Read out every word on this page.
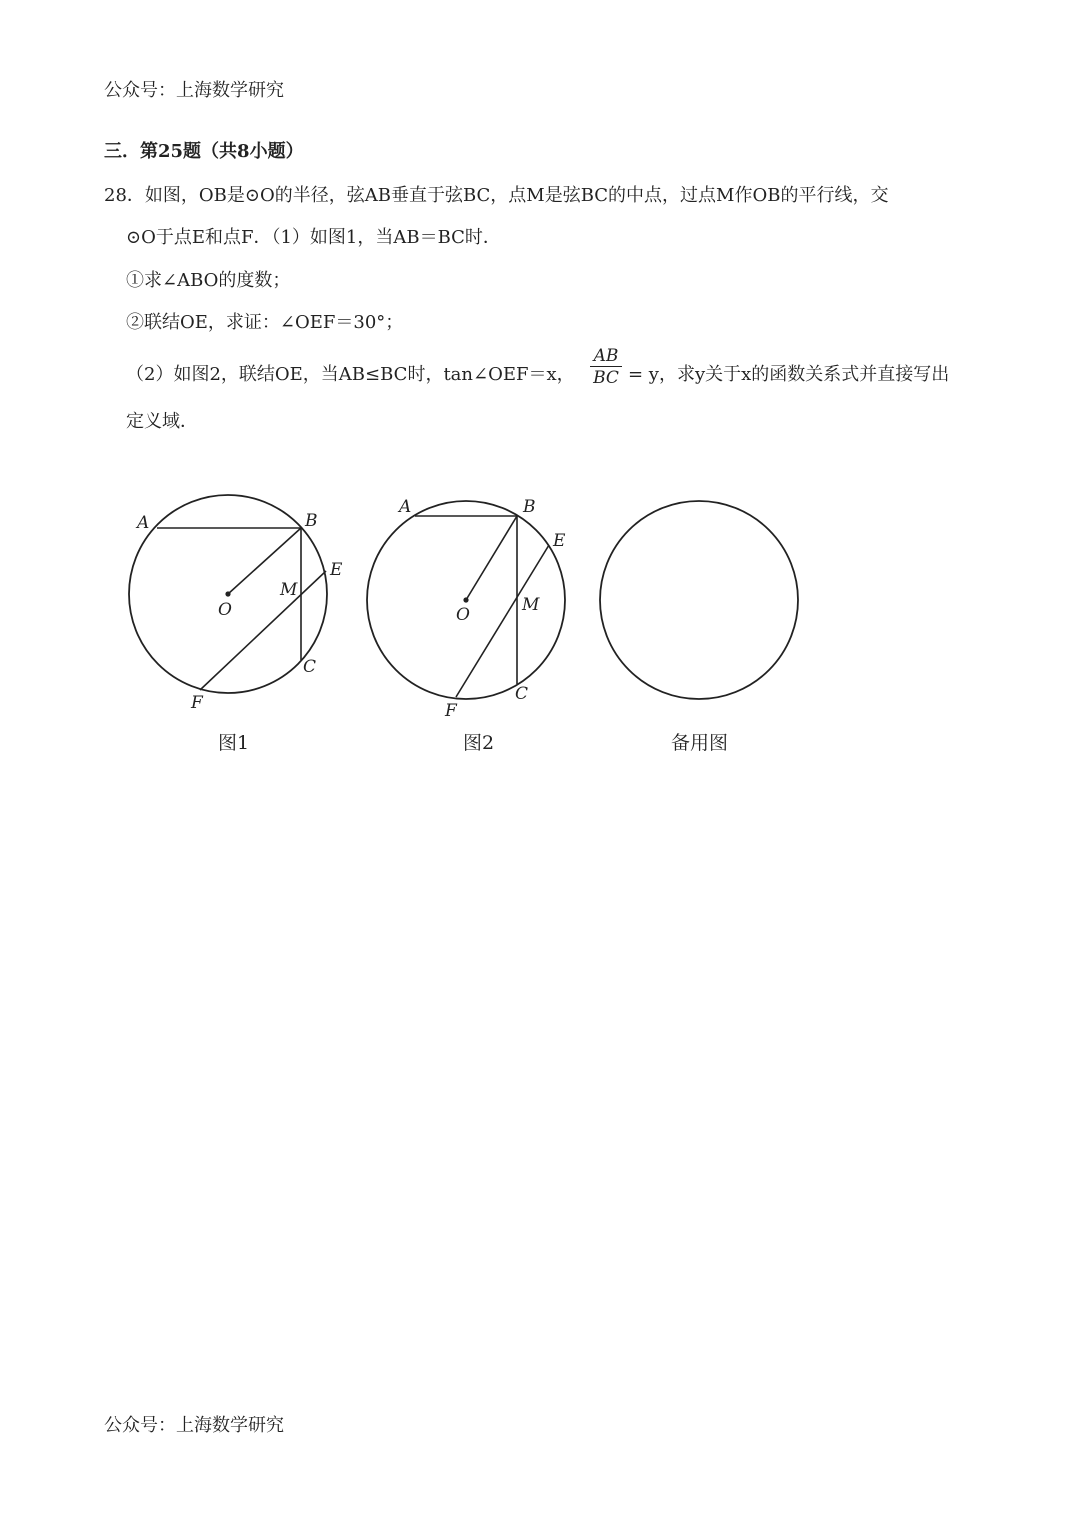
公众号：上海数学研究
三．第25题（共8小题）
28．如图，OB是⊙O的半径，弦AB垂直于弦BC，点M是弦BC的中点，过点M作OB的平行线，交
⊙O于点E和点F．（1）如图1，当AB＝BC时．
①求∠ABO的度数；
②联结OE，求证：∠OEF＝30°；
（2）如图2，联结OE，当AB≤BC时，tan∠OEF＝x， $\frac{AB}{BC} = y$，求y关于x的函数关系式并直接写出
定义域．
A	B
E
M
O
C
F
图1
A	B
E
M
O
C
F
图2	备用图
公众号：上海数学研究
